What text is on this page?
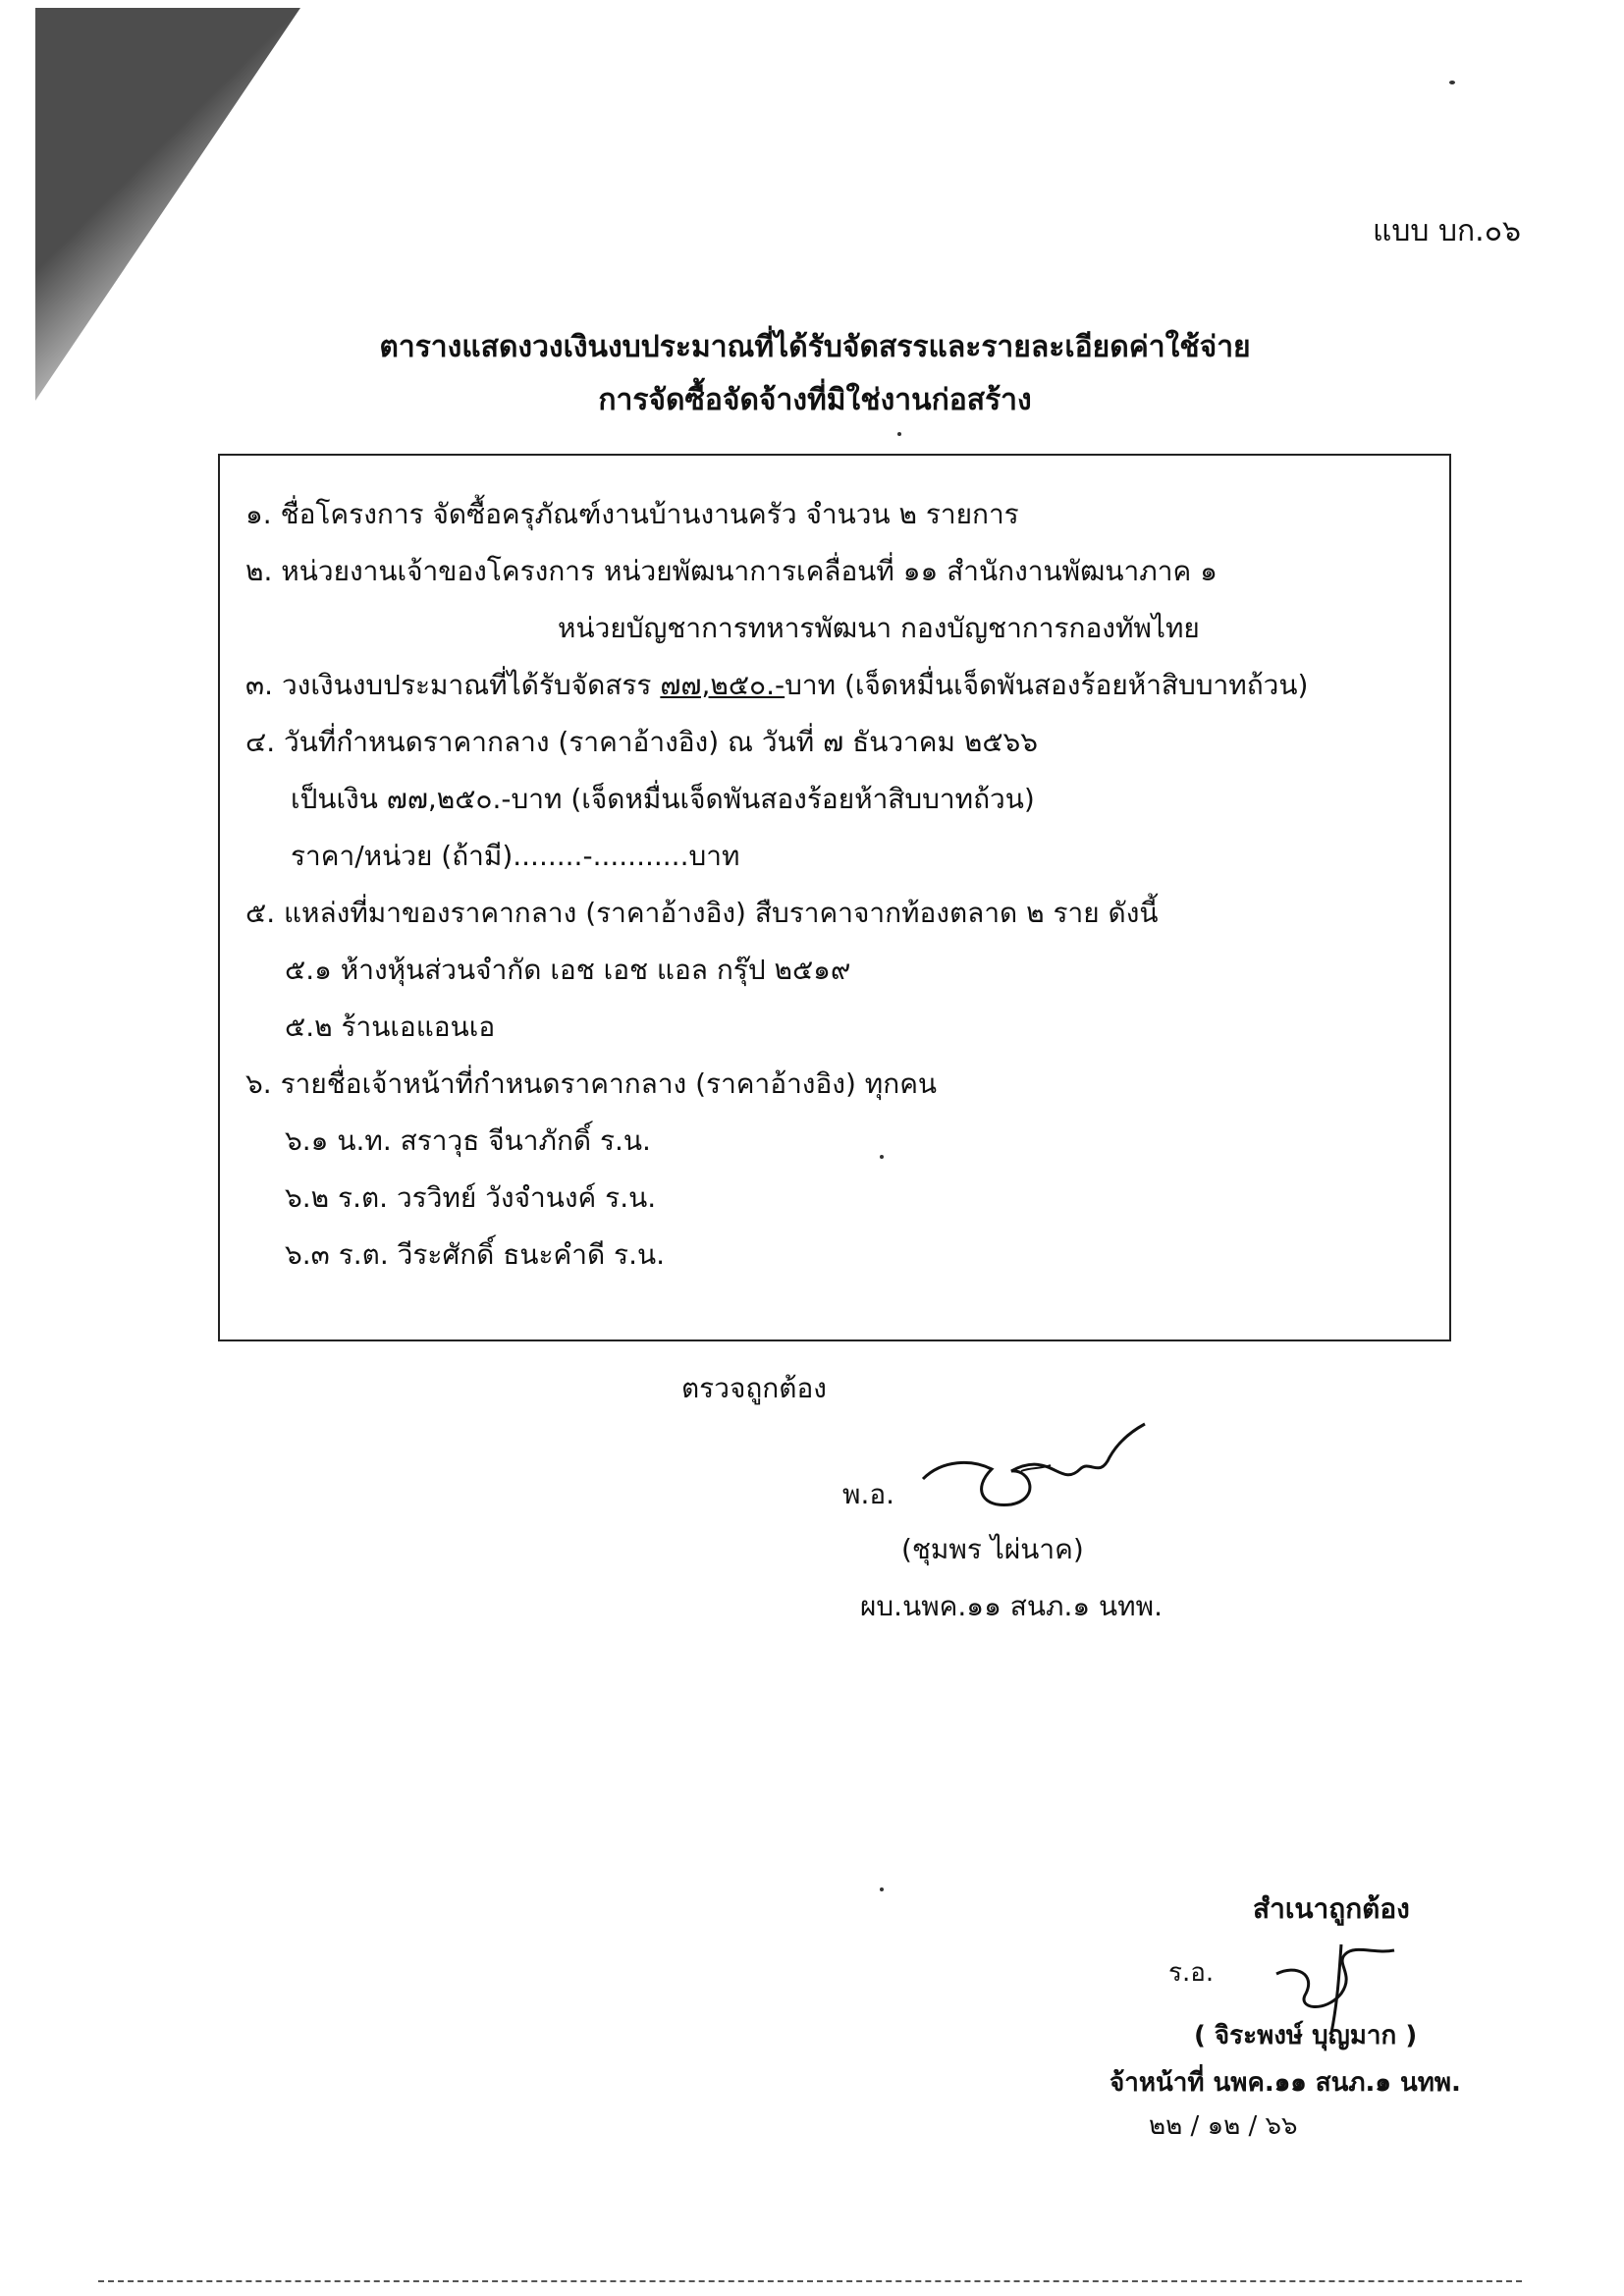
แบบ บก.๐๖
ตารางแสดงวงเงินงบประมาณที่ได้รับจัดสรรและรายละเอียดค่าใช้จ่าย
การจัดซื้อจัดจ้างที่มิใช่งานก่อสร้าง
๑. ชื่อโครงการ จัดซื้อครุภัณฑ์งานบ้านงานครัว จำนวน ๒ รายการ
๒. หน่วยงานเจ้าของโครงการ หน่วยพัฒนาการเคลื่อนที่ ๑๑ สำนักงานพัฒนาภาค ๑
หน่วยบัญชาการทหารพัฒนา กองบัญชาการกองทัพไทย
๓. วงเงินงบประมาณที่ได้รับจัดสรร ๗๗,๒๕๐.-บาท (เจ็ดหมื่นเจ็ดพันสองร้อยห้าสิบบาทถ้วน)
๔. วันที่กำหนดราคากลาง (ราคาอ้างอิง) ณ วันที่ ๗ ธันวาคม ๒๕๖๖
เป็นเงิน ๗๗,๒๕๐.-บาท (เจ็ดหมื่นเจ็ดพันสองร้อยห้าสิบบาทถ้วน)
ราคา/หน่วย (ถ้ามี)........-...........บาท
๕. แหล่งที่มาของราคากลาง (ราคาอ้างอิง) สืบราคาจากท้องตลาด ๒ ราย ดังนี้
๕.๑ ห้างหุ้นส่วนจำกัด เอช เอช แอล กรุ๊ป ๒๕๑๙
๕.๒ ร้านเอแอนเอ
๖. รายชื่อเจ้าหน้าที่กำหนดราคากลาง (ราคาอ้างอิง) ทุกคน
๖.๑ น.ท. สราวุธ จีนาภักดิ์ ร.น.
๖.๒ ร.ต. วรวิทย์ วังจำนงค์ ร.น.
๖.๓ ร.ต. วีระศักดิ์ ธนะคำดี ร.น.
ตรวจถูกต้อง
พ.อ.
(ชุมพร ไผ่นาค)
ผบ.นพค.๑๑ สนภ.๑ นทพ.
สำเนาถูกต้อง
ร.อ.
( จิระพงษ์ บุญมาก )
จ้าหน้าที่ นพค.๑๑ สนภ.๑ นทพ.
๒๒ / ๑๒ / ๖๖
